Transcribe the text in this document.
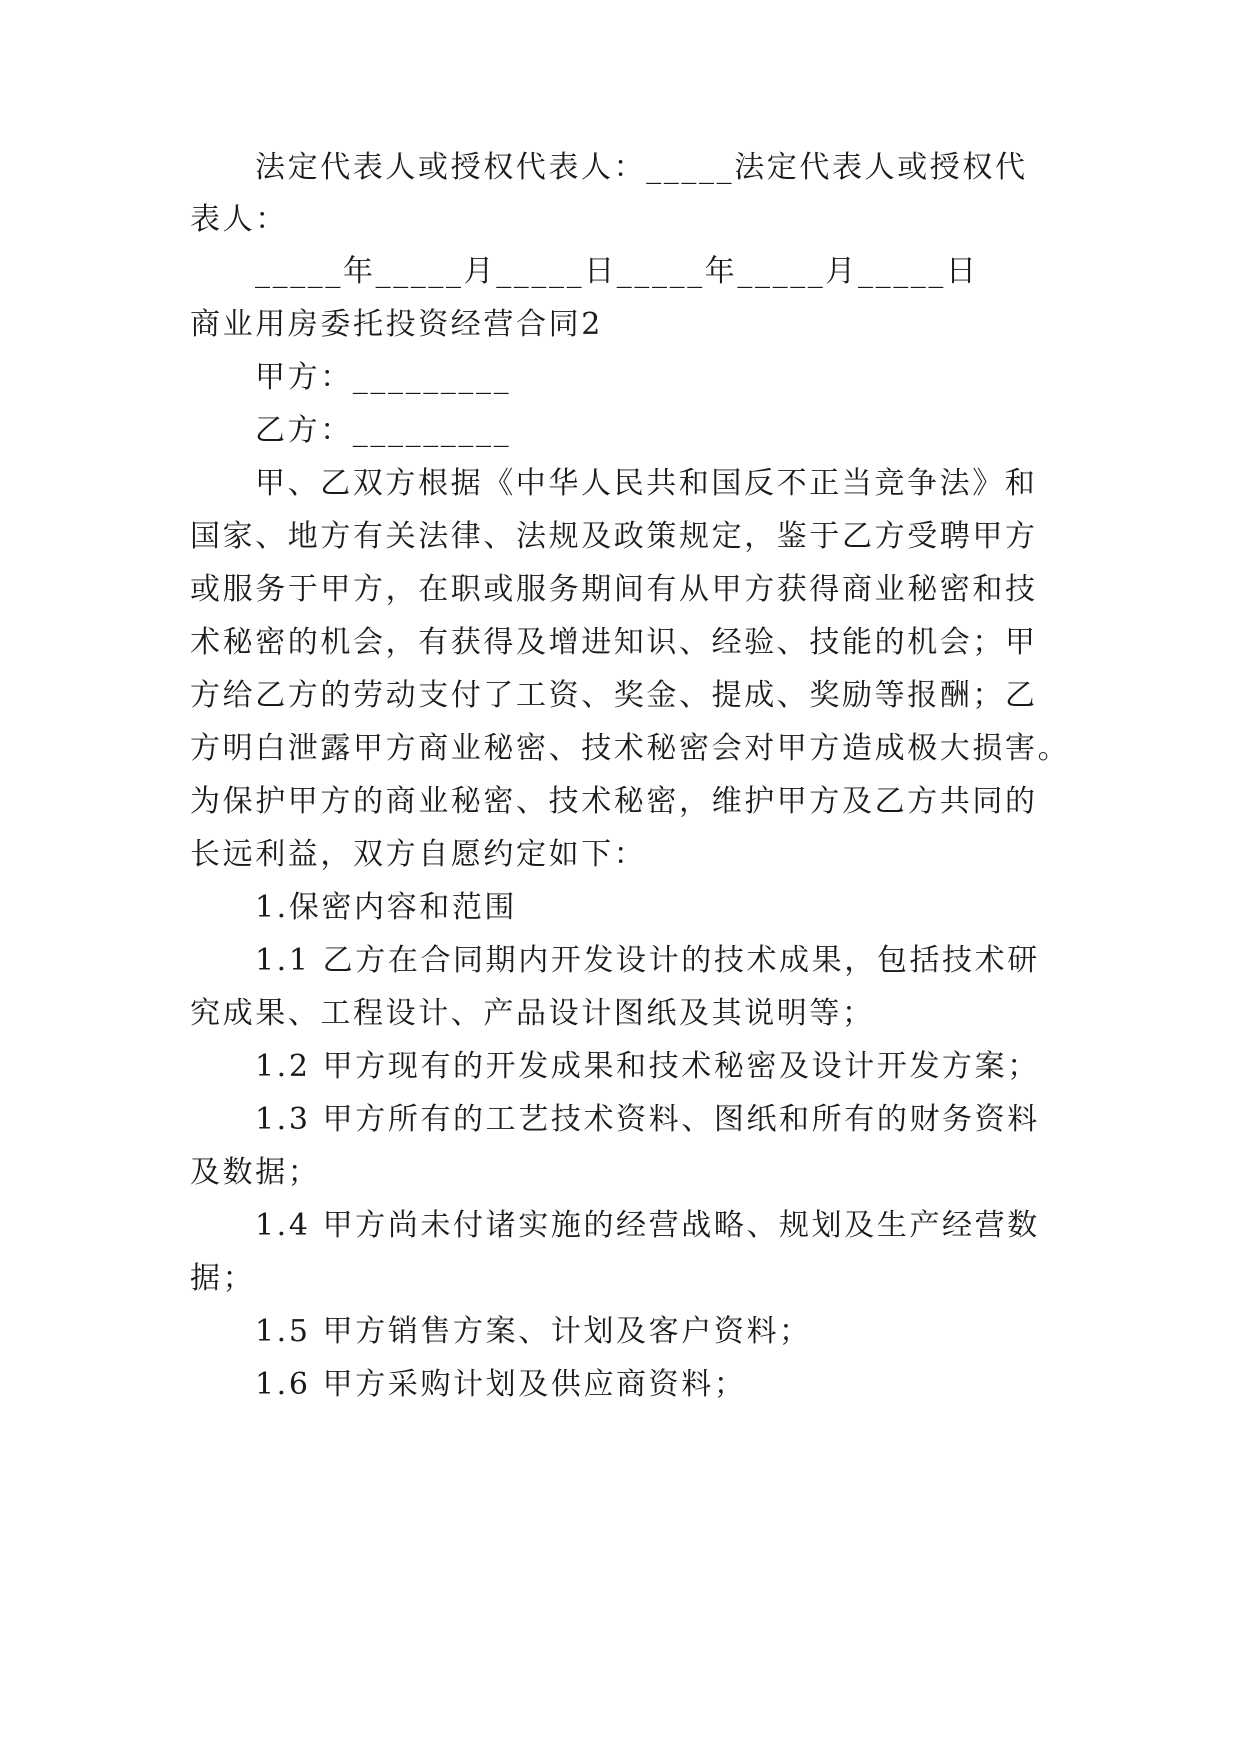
法定代表人或授权代表人：_____法定代表人或授权代
表人：
_____年_____月_____日_____年_____月_____日
商业用房委托投资经营合同2
甲方：_________
乙方：_________
甲、乙双方根据《中华人民共和国反不正当竞争法》和
国家、地方有关法律、法规及政策规定，鉴于乙方受聘甲方
或服务于甲方，在职或服务期间有从甲方获得商业秘密和技
术秘密的机会，有获得及增进知识、经验、技能的机会；甲
方给乙方的劳动支付了工资、奖金、提成、奖励等报酬；乙
方明白泄露甲方商业秘密、技术秘密会对甲方造成极大损害。
为保护甲方的商业秘密、技术秘密，维护甲方及乙方共同的
长远利益，双方自愿约定如下：
1.保密内容和范围
1.1 乙方在合同期内开发设计的技术成果，包括技术研
究成果、工程设计、产品设计图纸及其说明等；
1.2 甲方现有的开发成果和技术秘密及设计开发方案；
1.3 甲方所有的工艺技术资料、图纸和所有的财务资料
及数据；
1.4 甲方尚未付诸实施的经营战略、规划及生产经营数
据；
1.5 甲方销售方案、计划及客户资料；
1.6 甲方采购计划及供应商资料；
